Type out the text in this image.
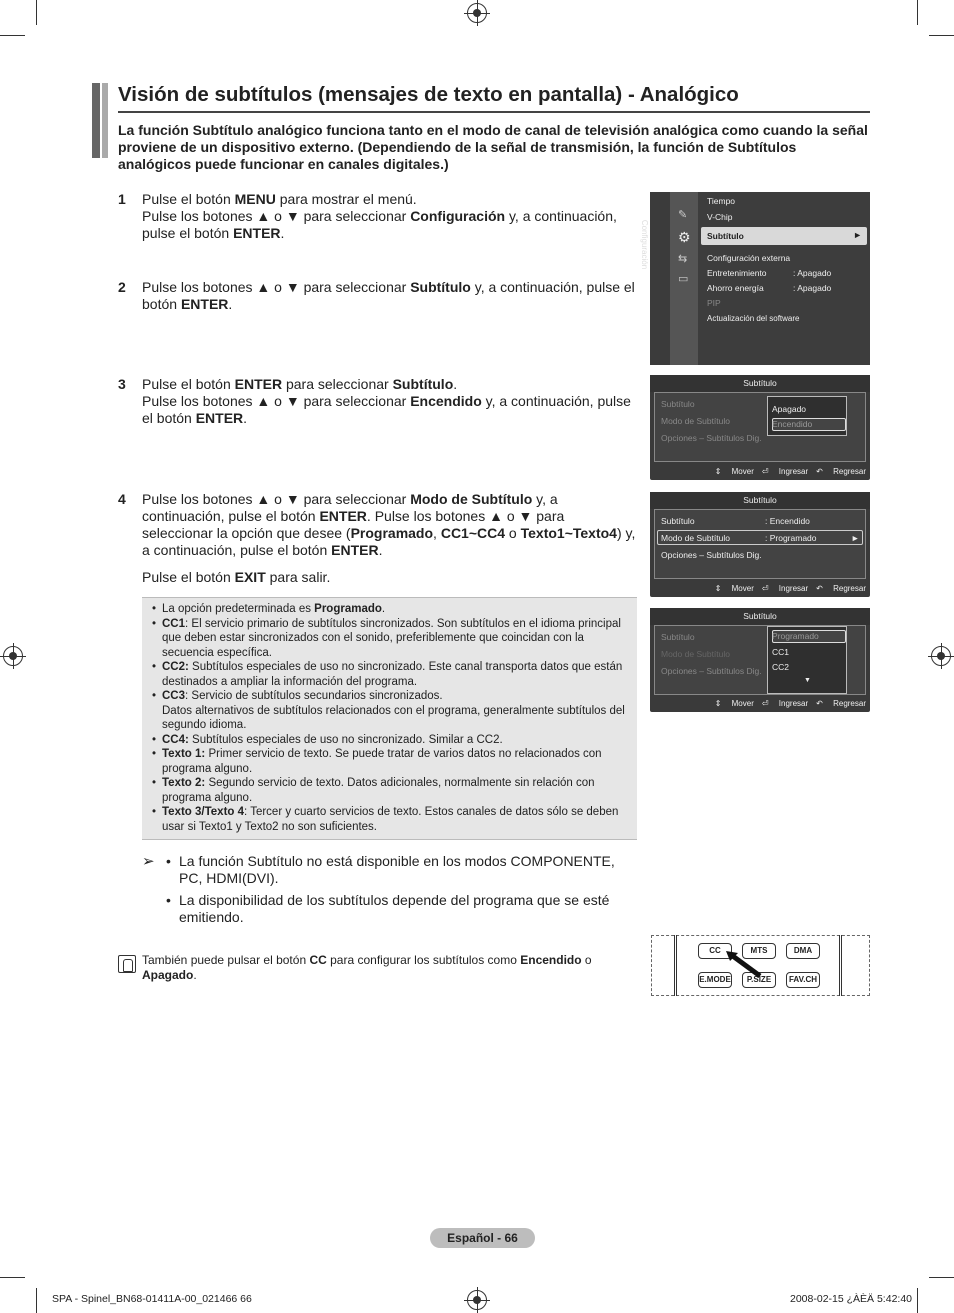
Visión de subtítulos (mensajes de texto en pantalla) - Analógico
La función Subtítulo analógico funciona tanto en el modo de canal de televisión analógica como cuando la señal proviene de un dispositivo externo. (Dependiendo de la señal de transmisión, la función de Subtítulos analógicos puede funcionar en canales digitales.)
1 Pulse el botón MENU para mostrar el menú.

Pulse los botones ▲ o ▼ para seleccionar Configuración y, a continuación, pulse el botón ENTER.

2 Pulse los botones ▲ o ▼ para seleccionar Subtítulo y, a continuación, pulse el botón ENTER.

3 Pulse el botón ENTER para seleccionar Subtítulo.

Pulse los botones ▲ o ▼ para seleccionar Encendido y, a continuación, pulse el botón ENTER.

4 Pulse los botones ▲ o ▼ para seleccionar Modo de Subtítulo y, a continuación, pulse el botón ENTER. Pulse los botones ▲ o ▼ para seleccionar la opción que desee (Programado, CC1~CC4 o Texto1~Texto4) y, a continuación, pulse el botón ENTER.

Pulse el botón EXIT para salir.

• La opción predeterminada es Programado.
• CC1: El servicio primario de subtítulos sincronizados. Son subtítulos en el idioma principal que deben estar sincronizados con el sonido, preferiblemente que coincidan con la secuencia específica.
• CC2: Subtítulos especiales de uso no sincronizado. Este canal transporta datos que están destinados a ampliar la información del programa.
• CC3: Servicio de subtítulos secundarios sincronizados.
Datos alternativos de subtítulos relacionados con el programa, generalmente subtítulos del segundo idioma.
• CC4: Subtítulos especiales de uso no sincronizado. Similar a CC2.
• Texto 1: Primer servicio de texto. Se puede tratar de varios datos no relacionados con programa alguno.
• Texto 2: Segundo servicio de texto. Datos adicionales, normalmente sin relación con programa alguno.
• Texto 3/Texto 4: Tercer y cuarto servicios de texto. Estos canales de datos sólo se deben usar si Texto1 y Texto2 no son suficientes.
➢
•	La función Subtítulo no está disponible en los modos COMPONENTE, PC, HDMI(DVI).
• La disponibilidad de los subtítulos depende del programa que se esté emitiendo.
También puede pulsar el botón CC para configurar los subtítulos como Encendido o Apagado.
Configuración
✎
⚙
⇆
▭
Tiempo
V-Chip
Subtítulo	►
Configuración externa
Entretenimiento	: Apagado
Ahorro energía	: Apagado
PIP
Actualización del software
Subtítulo
Subtítulo
Modo de Subtítulo
Opciones – Subtítulos Dig.
Apagado
Encendido
⇕ Mover ⏎ Ingresar ↶ Regresar
Subtítulo
Subtítulo	: Encendido
Modo de Subtítulo	: Programado	►
Opciones – Subtítulos Dig.
⇕ Mover ⏎ Ingresar ↶ Regresar
Subtítulo
Subtítulo
Modo de Subtítulo
Opciones – Subtítulos Dig.
Programado
CC1
CC2
▼
⇕ Mover ⏎ Ingresar ↶ Regresar
CC	MTS	DMA
E.MODE	P.SIZE	FAV.CH
Español - 66
SPA - Spinel_BN68-01411A-00_021466 66	2008-02-15 ¿ÀÈÄ 5:42:40
